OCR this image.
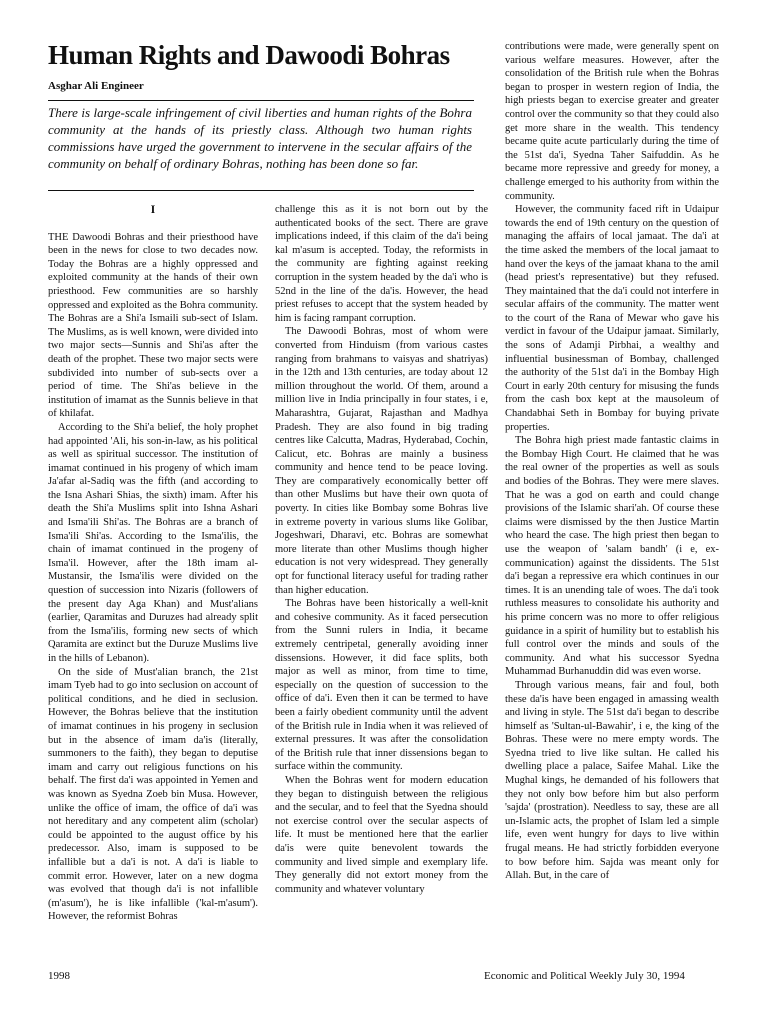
Human Rights and Dawoodi Bohras
Asghar Ali Engineer

There is large-scale infringement of civil liberties and human rights of the Bohra community at the hands of its priestly class. Although two human rights commissions have urged the government to intervene in the secular affairs of the community on behalf of ordinary Bohras, nothing has been done so far.

I

THE Dawoodi Bohras and their priesthood have been in the news for close to two decades now. Today the Bohras are a highly oppressed and exploited community at the hands of their own priesthood. Few communities are so harshly oppressed and exploited as the Bohra community. The Bohras are a Shi'a Ismaili sub-sect of Islam. The Muslims, as is well known, were divided into two major sects—Sunnis and Shi'as after the death of the prophet. These two major sects were subdivided into number of sub-sects over a period of time. The Shi'as believe in the institution of imamat as the Sunnis believe in that of khilafat.

According to the Shi'a belief, the holy prophet had appointed 'Ali, his son-in-law, as his political as well as spiritual successor. The institution of imamat continued in his progeny of which imam Ja'afar al-Sadiq was the fifth (and according to the Isna Ashari Shias, the sixth) imam. After his death the Shi'a Muslims split into Ishna Ashari and Isma'ili Shi'as. The Bohras are a branch of Isma'ili Shi'as. According to the Isma'ilis, the chain of imamat continued in the progeny of Isma'il. However, after the 18th imam al-Mustansir, the Isma'ilis were divided on the question of succession into Nizaris (followers of the present day Aga Khan) and Must'alians (earlier, Qaramitas and Duruzes had already split from the Isma'ilis, forming new sects of which Qaramita are extinct but the Duruze Muslims live in the hills of Lebanon).

On the side of Must'alian branch, the 21st imam Tyeb had to go into seclusion on account of political conditions, and he died in seclusion. However, the Bohras believe that the institution of imamat continues in his progeny in seclusion but in the absence of imam da'is (literally, summoners to the faith), they began to deputise imam and carry out religious functions on his behalf. The first da'i was appointed in Yemen and was known as Syedna Zoeb bin Musa. However, unlike the office of imam, the office of da'i was not hereditary and any competent alim (scholar) could be appointed to the august office by his predecessor. Also, imam is supposed to be infallible but a da'i is not. A da'i is liable to commit error. However, later on a new dogma was evolved that though da'i is not infallible (m'asum'), he is like infallible ('kal-m'asum'). However, the reformist Bohras

challenge this as it is not born out by the authenticated books of the sect. There are grave implications indeed, if this claim of the da'i being kal m'asum is accepted. Today, the reformists in the community are fighting against reeking corruption in the system headed by the da'i who is 52nd in the line of the da'is. However, the head priest refuses to accept that the system headed by him is facing rampant corruption.

The Dawoodi Bohras, most of whom were converted from Hinduism (from various castes ranging from brahmans to vaisyas and shatriyas) in the 12th and 13th centuries, are today about 12 million throughout the world. Of them, around a million live in India principally in four states, i e, Maharashtra, Gujarat, Rajasthan and Madhya Pradesh. They are also found in big trading centres like Calcutta, Madras, Hyderabad, Cochin, Calicut, etc. Bohras are mainly a business community and hence tend to be peace loving. They are comparatively economically better off than other Muslims but have their own quota of poverty. In cities like Bombay some Bohras live in extreme poverty in various slums like Golibar, Jogeshwari, Dharavi, etc. Bohras are somewhat more literate than other Muslims though higher education is not very widespread. They generally opt for functional literacy useful for trading rather than higher education.

The Bohras have been historically a well-knit and cohesive community. As it faced persecution from the Sunni rulers in India, it became extremely centripetal, generally avoiding inner dissensions. However, it did face splits, both major as well as minor, from time to time, especially on the question of succession to the office of da'i. Even then it can be termed to have been a fairly obedient community until the advent of the British rule in India when it was relieved of external pressures. It was after the consolidation of the British rule that inner dissensions began to surface within the community.

When the Bohras went for modern education they began to distinguish between the religious and the secular, and to feel that the Syedna should not exercise control over the secular aspects of life. It must be mentioned here that the earlier da'is were quite benevolent towards the community and lived simple and exemplary life. They generally did not extort money from the community and whatever voluntary

contributions were made, were generally spent on various welfare measures. However, after the consolidation of the British rule when the Bohras began to prosper in western region of India, the high priests began to exercise greater and greater control over the community so that they could also get more share in the wealth. This tendency became quite acute particularly during the time of the 51st da'i, Syedna Taher Saifuddin. As he became more repressive and greedy for money, a challenge emerged to his authority from within the community.

However, the community faced rift in Udaipur towards the end of 19th century on the question of managing the affairs of local jamaat. The da'i at the time asked the members of the local jamaat to hand over the keys of the jamaat khana to the amil (head priest's representative) but they refused. They maintained that the da'i could not interfere in secular affairs of the community. The matter went to the court of the Rana of Mewar who gave his verdict in favour of the Udaipur jamaat. Similarly, the sons of Adamji Pirbhai, a wealthy and influential businessman of Bombay, challenged the authority of the 51st da'i in the Bombay High Court in early 20th century for misusing the funds from the cash box kept at the mausoleum of Chandabhai Seth in Bombay for buying private properties.

The Bohra high priest made fantastic claims in the Bombay High Court. He claimed that he was the real owner of the properties as well as souls and bodies of the Bohras. They were mere slaves. That he was a god on earth and could change provisions of the Islamic shari'ah. Of course these claims were dismissed by the then Justice Martin who heard the case. The high priest then began to use the weapon of 'salam bandh' (i e, ex-communication) against the dissidents. The 51st da'i began a repressive era which continues in our times. It is an unending tale of woes. The da'i took ruthless measures to consolidate his authority and his prime concern was no more to offer religious guidance in a spirit of humility but to establish his full control over the minds and souls of the community. And what his successor Syedna Muhammad Burhanuddin did was even worse.

Through various means, fair and foul, both these da'is have been engaged in amassing wealth and living in style. The 51st da'i began to describe himself as 'Sultan-ul-Bawahir', i e, the king of the Bohras. These were no mere empty words. The Syedna tried to live like sultan. He called his dwelling place a palace, Saifee Mahal. Like the Mughal kings, he demanded of his followers that they not only bow before him but also perform 'sajda' (prostration). Needless to say, these are all un-Islamic acts, the prophet of Islam led a simple life, even went hungry for days to live within frugal means. He had strictly forbidden everyone to bow before him. Sajda was meant only for Allah. But, in the care of

1998	Economic and Political Weekly July 30, 1994
